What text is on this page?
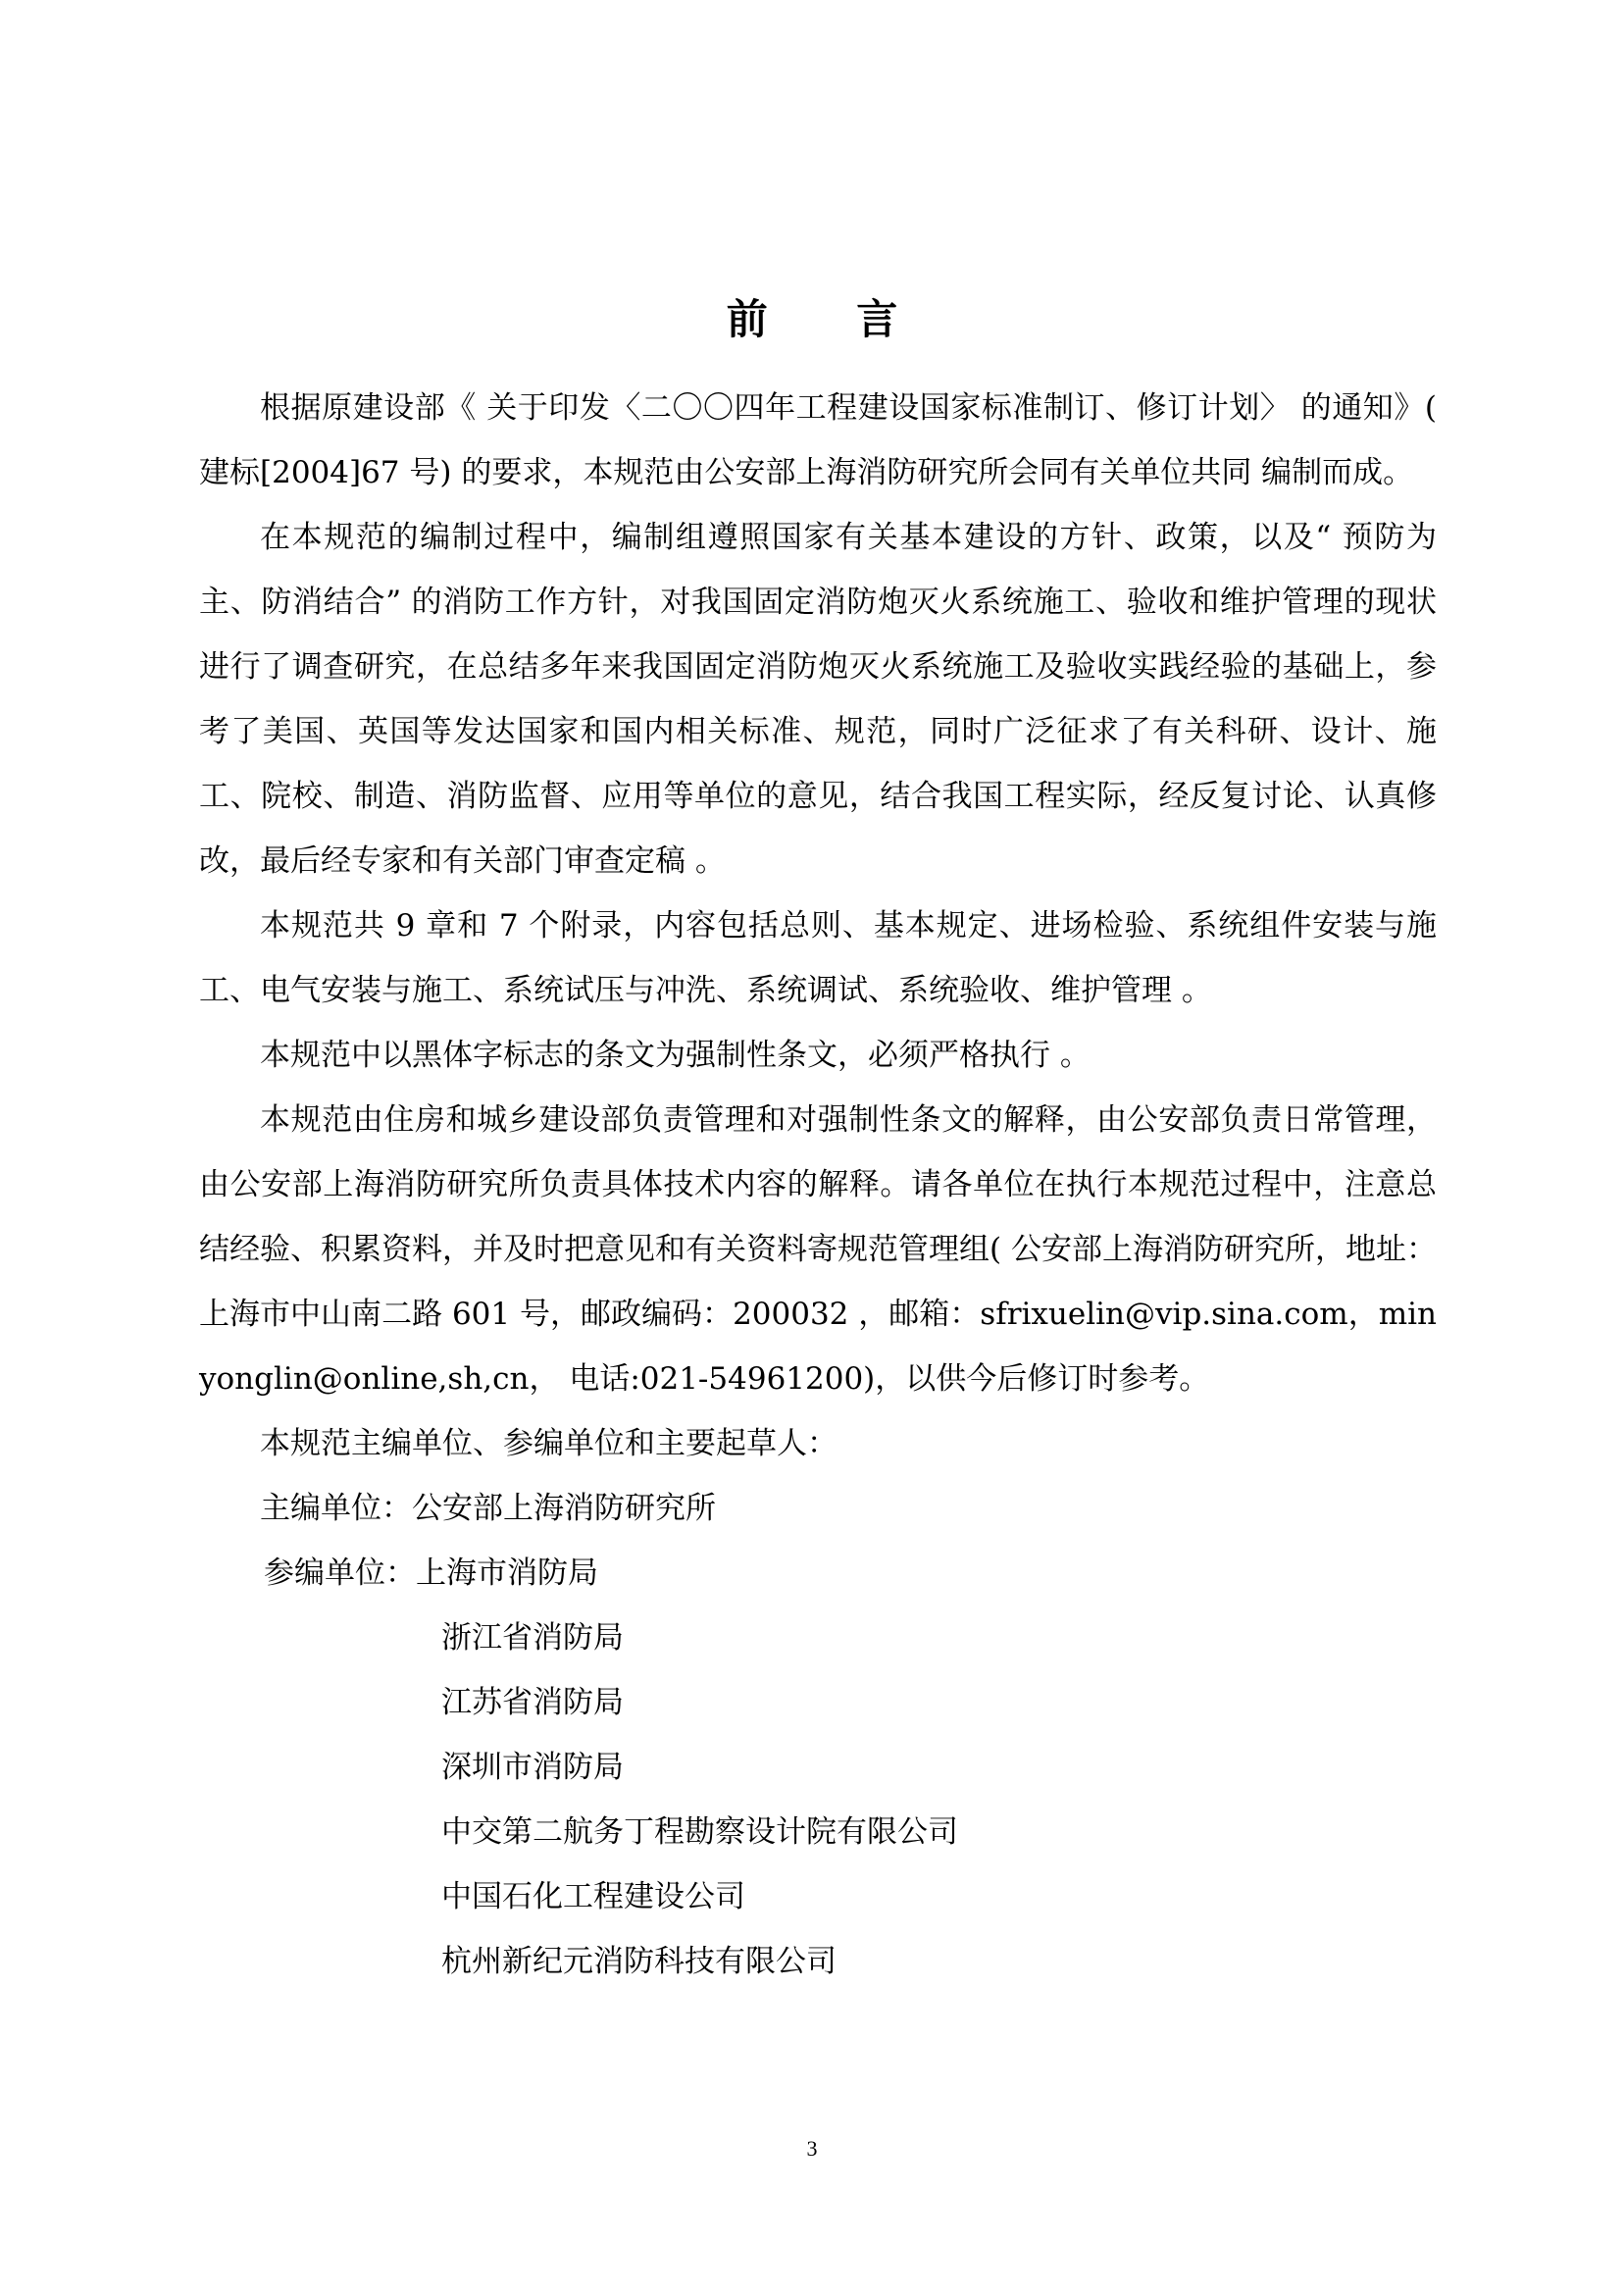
前 言

根据原建设部《 关于印发〈二〇〇四年工程建设国家标准制订、修订计划〉 的通知》( 建标[2004]67 号) 的要求，本规范由公安部上海消防研究所会同有关单位共同 编制而成。

在本规范的编制过程中，编制组遵照国家有关基本建设的方针、政策，以及“ 预防为主、防消结合” 的消防工作方针，对我国固定消防炮灭火系统施工、验收和维护管理的现状进行了调查研究，在总结多年来我国固定消防炮灭火系统施工及验收实践经验的基础上，参考了美国、英国等发达国家和国内相关标准、规范，同时广泛征求了有关科研、设计、施工、院校、制造、消防监督、应用等单位的意见，结合我国工程实际，经反复讨论、认真修改，最后经专家和有关部门审查定稿 。

本规范共 9 章和 7 个附录，内容包括总则、基本规定、进场检验、系统组件安装与施工、电气安装与施工、系统试压与冲洗、系统调试、系统验收、维护管理 。

本规范中以黑体字标志的条文为强制性条文，必须严格执行 。

本规范由住房和城乡建设部负责管理和对强制性条文的解释，由公安部负责日常管理，由公安部上海消防研究所负责具体技术内容的解释。请各单位在执行本规范过程中，注意总结经验、积累资料，并及时把意见和有关资料寄规范管理组( 公安部上海消防研究所，地址：上海市中山南二路 601 号，邮政编码：200032 ，邮箱：sfrixuelin@vip.sina.com，minyonglin@online,sh,cn， 电话:021-54961200)，以供今后修订时参考。

本规范主编单位、参编单位和主要起草人：

主编单位：公安部上海消防研究所

参编单位：上海市消防局

浙江省消防局

江苏省消防局

深圳市消防局

中交第二航务丁程勘察设计院有限公司

中国石化工程建设公司

杭州新纪元消防科技有限公司

3
